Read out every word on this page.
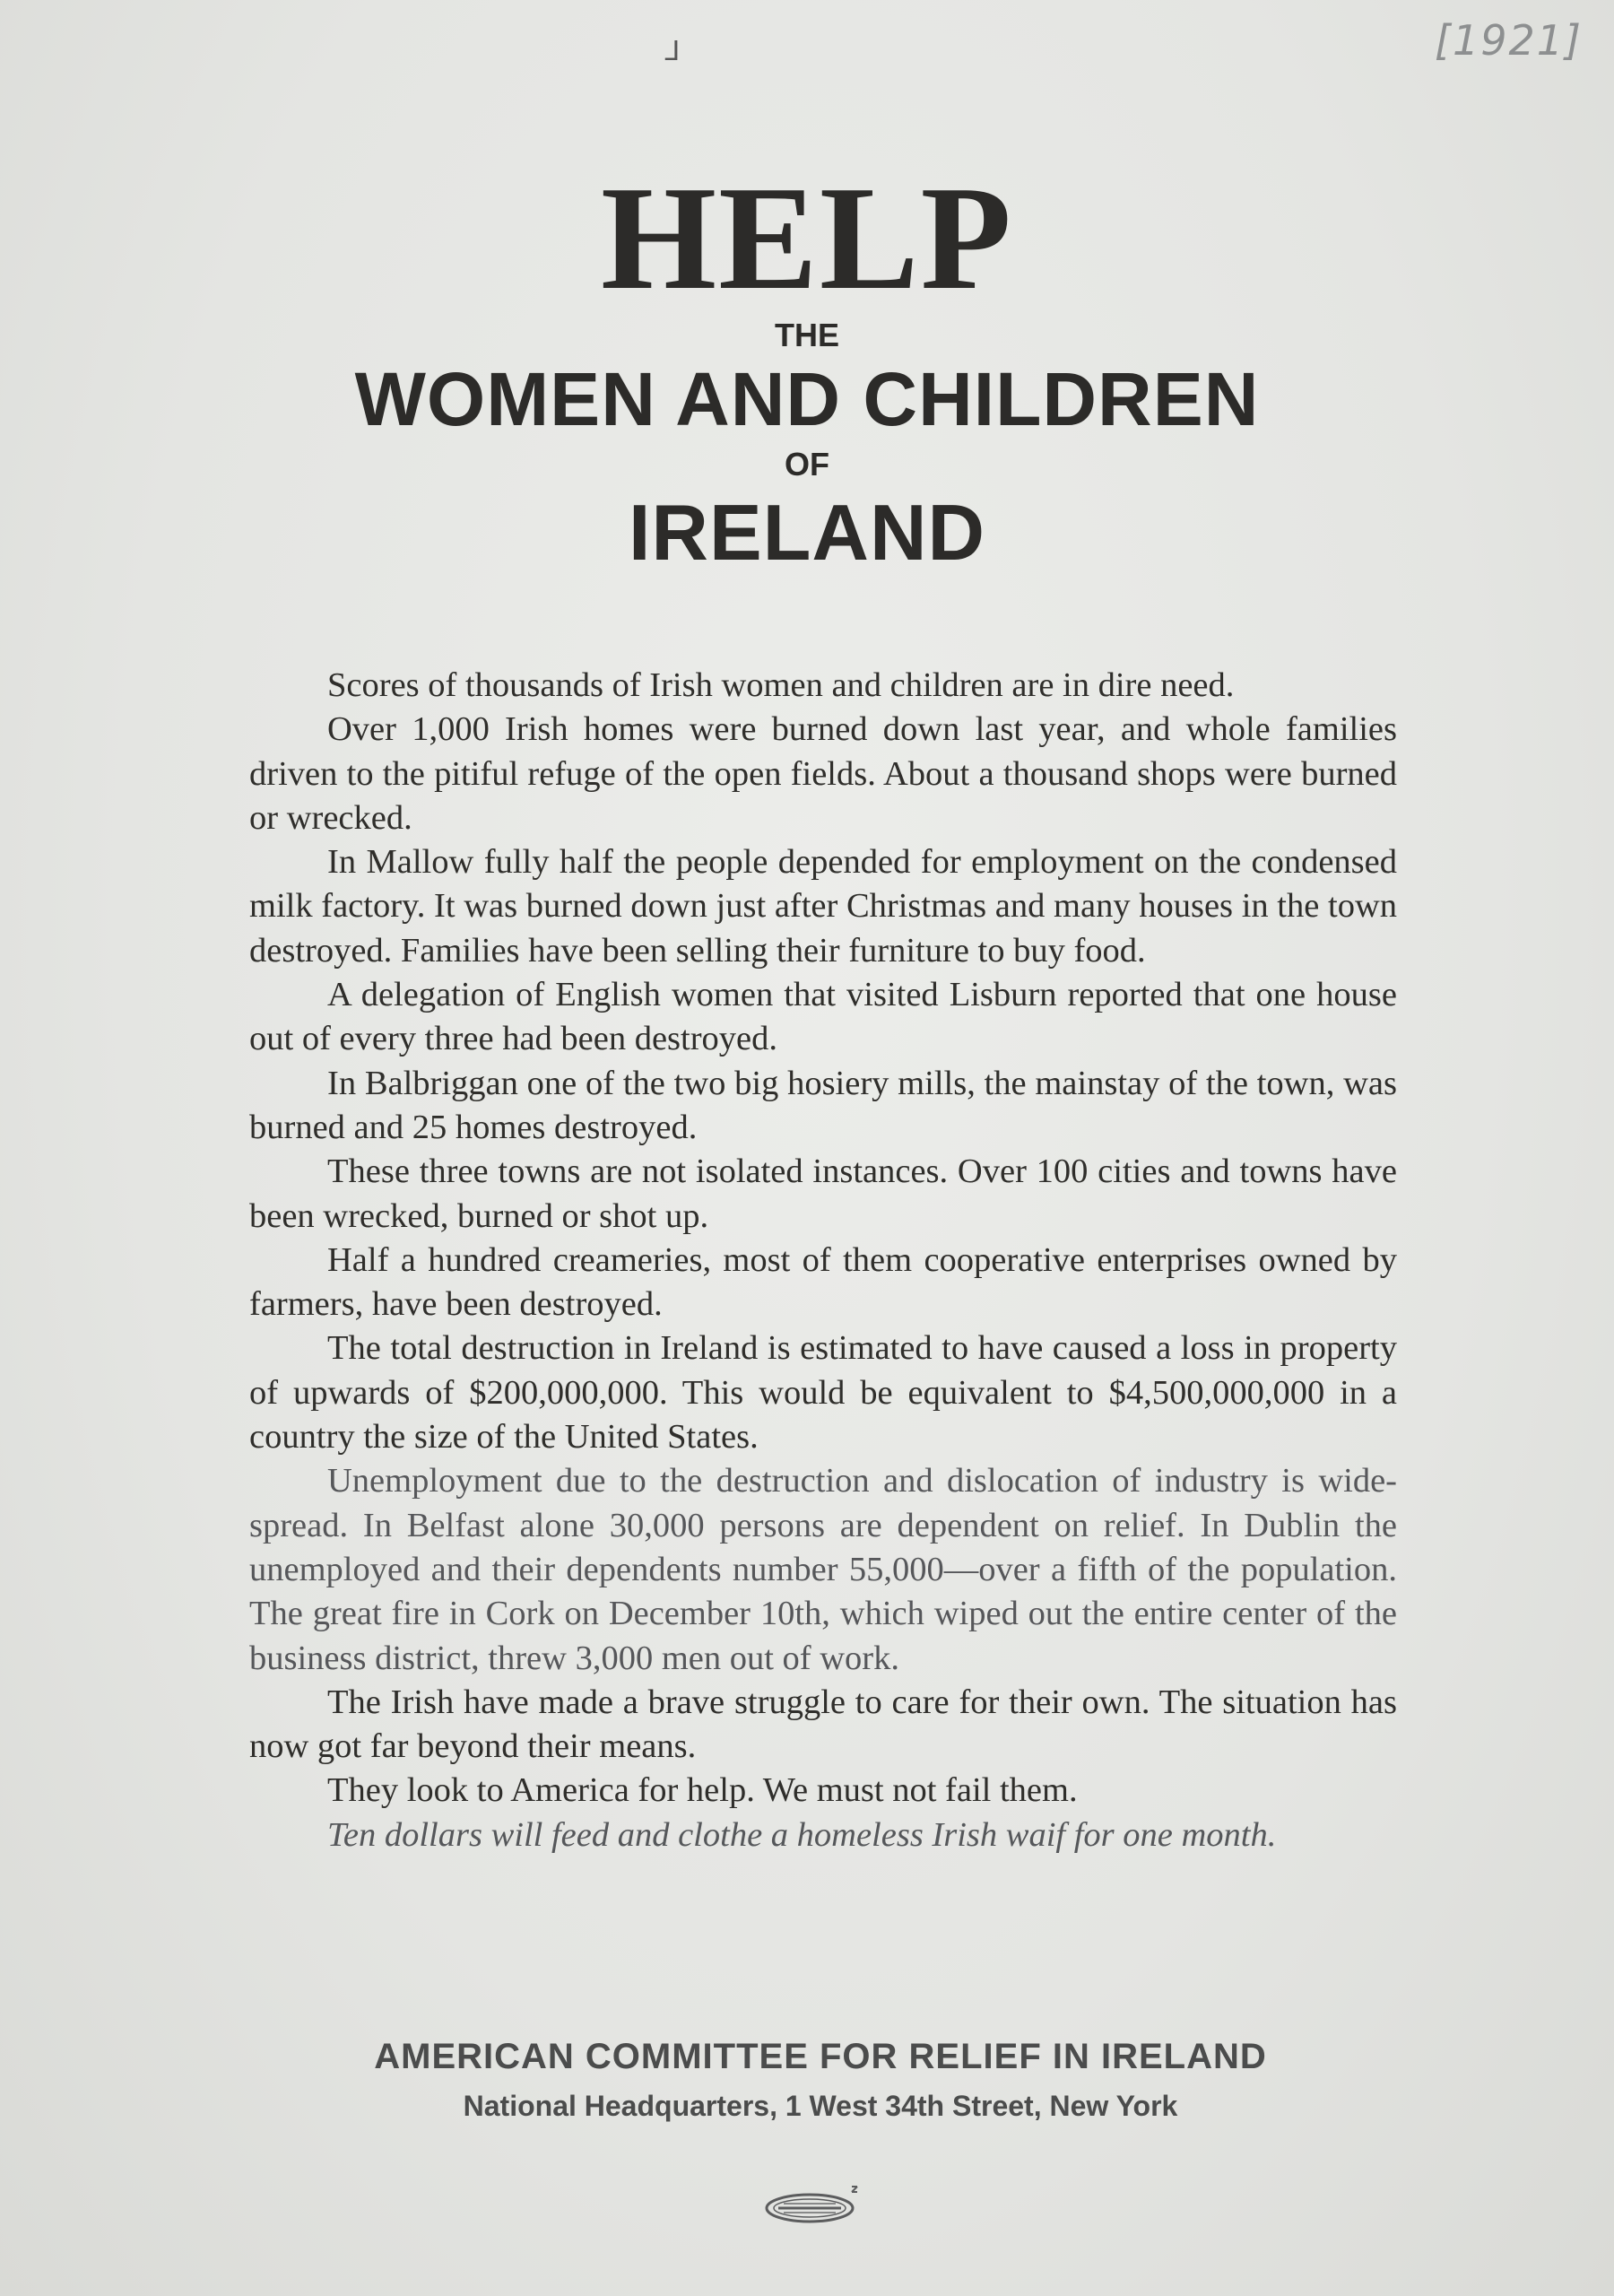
ᒧ	[1921]
HELP
THE
WOMEN AND CHILDREN
OF
IRELAND

Scores of thousands of Irish women and children are in dire need.

Over 1,000 Irish homes were burned down last year, and whole families driven to the pitiful refuge of the open fields. About a thousand shops were burned or wrecked.

In Mallow fully half the people depended for employment on the condensed milk factory. It was burned down just after Christmas and many houses in the town destroyed. Families have been selling their furniture to buy food.

A delegation of English women that visited Lisburn reported that one house out of every three had been destroyed.

In Balbriggan one of the two big hosiery mills, the mainstay of the town, was burned and 25 homes destroyed.

These three towns are not isolated instances. Over 100 cities and towns have been wrecked, burned or shot up.

Half a hundred creameries, most of them cooperative enterprises owned by farmers, have been destroyed.

The total destruction in Ireland is estimated to have caused a loss in property of upwards of $200,000,000. This would be equivalent to $4,500,000,000 in a country the size of the United States.

Unemployment due to the destruction and dislocation of industry is wide-spread. In Belfast alone 30,000 persons are dependent on relief. In Dublin the unemployed and their dependents number 55,000—over a fifth of the population. The great fire in Cork on December 10th, which wiped out the entire center of the business district, threw 3,000 men out of work.

The Irish have made a brave struggle to care for their own. The situation has now got far beyond their means.

They look to America for help. We must not fail them.

Ten dollars will feed and clothe a homeless Irish waif for one month.

AMERICAN COMMITTEE FOR RELIEF IN IRELAND
National Headquarters, 1 West 34th Street, New York
